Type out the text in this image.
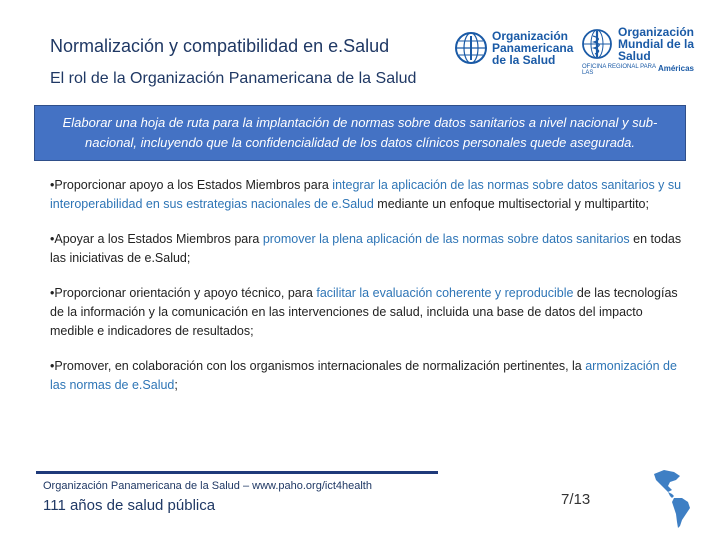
Normalización y compatibilidad en e.Salud
El rol de la Organización Panamericana de la Salud
Organización
Panamericana
de la Salud
Organización
Mundial de la Salud
OFICINA REGIONAL PARA LAS	Américas
Elaborar una hoja de ruta para la implantación de normas sobre datos sanitarios a nivel nacional y sub-nacional, incluyendo que la confidencialidad de los datos clínicos personales quede asegurada.
•Proporcionar apoyo a los Estados Miembros para integrar la aplicación de las normas sobre datos sanitarios y su interoperabilidad en sus estrategias nacionales de e.Salud mediante un enfoque multisectorial y multipartito;
•Apoyar a los Estados Miembros para promover la plena aplicación de las normas sobre datos sanitarios en todas las iniciativas de e.Salud;
•Proporcionar orientación y apoyo técnico, para facilitar la evaluación coherente y reproducible de las tecnologías de la información y la comunicación en las intervenciones de salud, incluida una base de datos del impacto medible e indicadores de resultados;
•Promover, en colaboración con los organismos internacionales de normalización pertinentes, la armonización de las normas de e.Salud;
Organización Panamericana de la Salud – www.paho.org/ict4health
111 años de salud pública	7/13
